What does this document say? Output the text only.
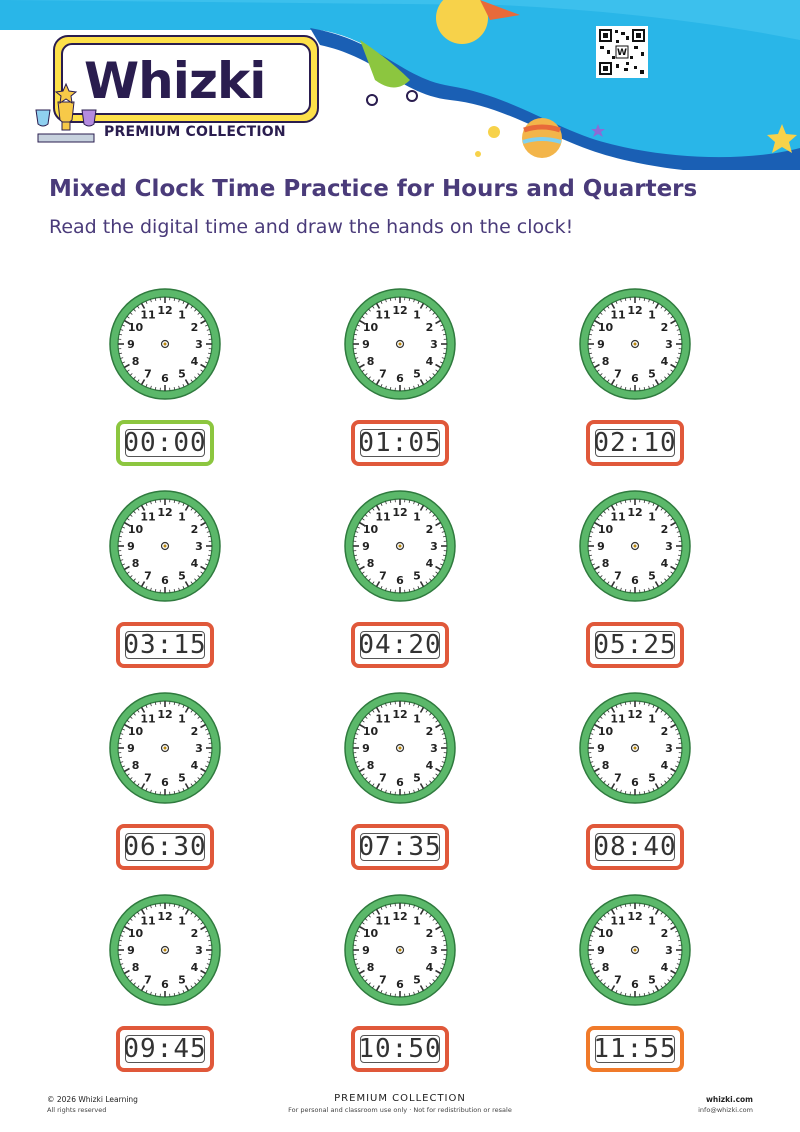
Whizki
PREMIUM COLLECTION
W
Mixed Clock Time Practice for Hours and Quarters
Read the digital time and draw the hands on the clock!
12 1
2
3
4
5
6
7
8
9
10
11
00:00
12 1
2
3
4
5
6
7
8
9
10
11
01:05
12 1
2
3
4
5
6
7
8
9
10
11
02:10
12 1
2
3
4
5
6
7
8
9
10
11
03:15
12 1
2
3
4
5
6
7
8
9
10
11
04:20
12 1
2
3
4
5
6
7
8
9
10
11
05:25
12 1
2
3
4
5
6
7
8
9
10
11
06:30
12 1
2
3
4
5
6
7
8
9
10
11
07:35
12 1
2
3
4
5
6
7
8
9
10
11
08:40
12 1
2
3
4
5
6
7
8
9
10
11
09:45
12 1
2
3
4
5
6
7
8
9
10
11
10:50
12 1
2
3
4
5
6
7
8
9
10
11
11:55
© 2026 Whizki Learning
All rights reserved
PREMIUM COLLECTION
For personal and classroom use only · Not for redistribution or resale
whizki.com
info@whizki.com
